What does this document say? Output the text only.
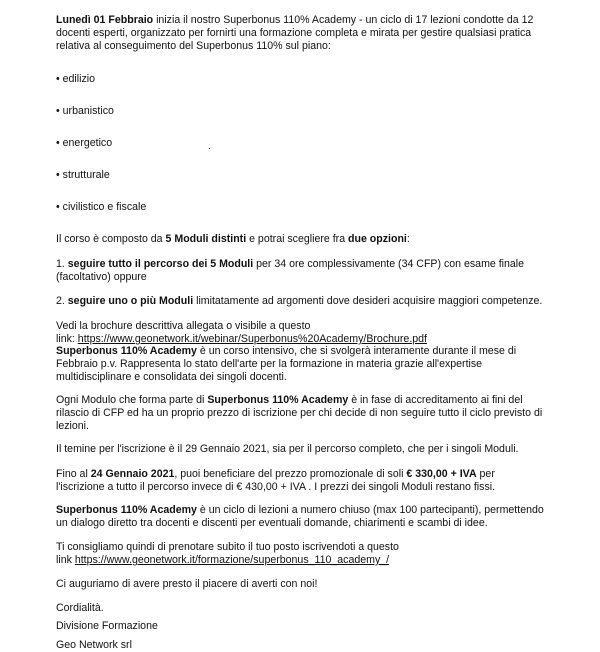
Lunedì 01 Febbraio inizia il nostro Superbonus 110% Academy - un ciclo di 17 lezioni condotte da 12
docenti esperti, organizzato per fornirti una formazione completa e mirata per gestire qualsiasi pratica
relativa al conseguimento del Superbonus 110% sul piano:

• edilizio
• urbanistico
• energetico
• strutturale
• civilistico e fiscale

Il corso è composto da 5 Moduli distinti e potrai scegliere fra due opzioni:

1. seguire tutto il percorso dei 5 Moduli per 34 ore complessivamente (34 CFP) con esame finale
(facoltativo) oppure

2. seguire uno o più Moduli limitatamente ad argomenti dove desideri acquisire maggiori competenze.

Vedi la brochure descrittiva allegata o visibile a questo
link: https://www.geonetwork.it/webinar/Superbonus%20Academy/Brochure.pdf

Superbonus 110% Academy è un corso intensivo, che si svolgerà interamente durante il mese di
Febbraio p.v. Rappresenta lo stato dell'arte per la formazione in materia grazie all'expertise
multidisciplinare e consolidata dei singoli docenti.

Ogni Modulo che forma parte di Superbonus 110% Academy è in fase di accreditamento ai fini del
rilascio di CFP ed ha un proprio prezzo di iscrizione per chi decide di non seguire tutto il ciclo previsto di
lezioni.

Il temine per l'iscrizione è il 29 Gennaio 2021, sia per il percorso completo, che per i singoli Moduli.

Fino al 24 Gennaio 2021, puoi beneficiare del prezzo promozionale di soli € 330,00 + IVA per
l'iscrizione a tutto il percorso invece di € 430,00 + IVA . I prezzi dei singoli Moduli restano fissi.

Superbonus 110% Academy è un ciclo di lezioni a numero chiuso (max 100 partecipanti), permettendo
un dialogo diretto tra docenti e discenti per eventuali domande, chiarimenti e scambi di idee.

Ti consigliamo quindi di prenotare subito il tuo posto iscrivendoti a questo
link https://www.geonetwork.it/formazione/superbonus_110_academy_/

Ci auguriamo di avere presto il piacere di averti con noi!

Cordialità.
Divisione Formazione
Geo Network srl
·
